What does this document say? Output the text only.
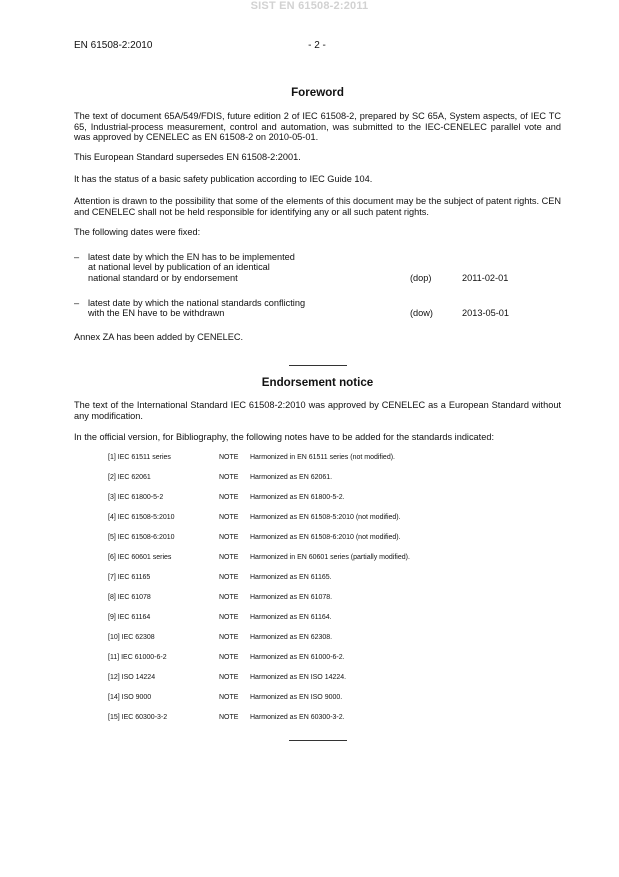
SIST EN 61508-2:2011
EN 61508-2:2010	- 2 -
Foreword

The text of document 65A/549/FDIS, future edition 2 of IEC 61508-2, prepared by SC 65A, System aspects, of IEC TC 65, Industrial-process measurement, control and automation, was submitted to the IEC-CENELEC parallel vote and was approved by CENELEC as EN 61508-2 on 2010-05-01.

This European Standard supersedes EN 61508-2:2001.

It has the status of a basic safety publication according to IEC Guide 104.

Attention is drawn to the possibility that some of the elements of this document may be the subject of patent rights. CEN and CENELEC shall not be held responsible for identifying any or all such patent rights.

The following dates were fixed:

– latest date by which the EN has to be implemented
at national level by publication of an identical
national standard or by endorsement	(dop)	2011-02-01
– latest date by which the national standards conflicting
with the EN have to be withdrawn	(dow)	2013-05-01

Annex ZA has been added by CENELEC.

Endorsement notice

The text of the International Standard IEC 61508-2:2010 was approved by CENELEC as a European Standard without any modification.

In the official version, for Bibliography, the following notes have to be added for the standards indicated:

[1] IEC 61511 series	NOTE Harmonized in EN 61511 series (not modified).
[2] IEC 62061	NOTE Harmonized as EN 62061.
[3] IEC 61800-5-2	NOTE Harmonized as EN 61800-5-2.
[4] IEC 61508-5:2010	NOTE Harmonized as EN 61508-5:2010 (not modified).
[5] IEC 61508-6:2010	NOTE Harmonized as EN 61508-6:2010 (not modified).
[6] IEC 60601 series	NOTE Harmonized in EN 60601 series (partially modified).
[7] IEC 61165	NOTE Harmonized as EN 61165.
[8] IEC 61078	NOTE Harmonized as EN 61078.
[9] IEC 61164	NOTE Harmonized as EN 61164.
[10] IEC 62308	NOTE Harmonized as EN 62308.
[11] IEC 61000-6-2	NOTE Harmonized as EN 61000-6-2.
[12] ISO 14224	NOTE Harmonized as EN ISO 14224.
[14] ISO 9000	NOTE Harmonized as EN ISO 9000.
[15] IEC 60300-3-2	NOTE Harmonized as EN 60300-3-2.
